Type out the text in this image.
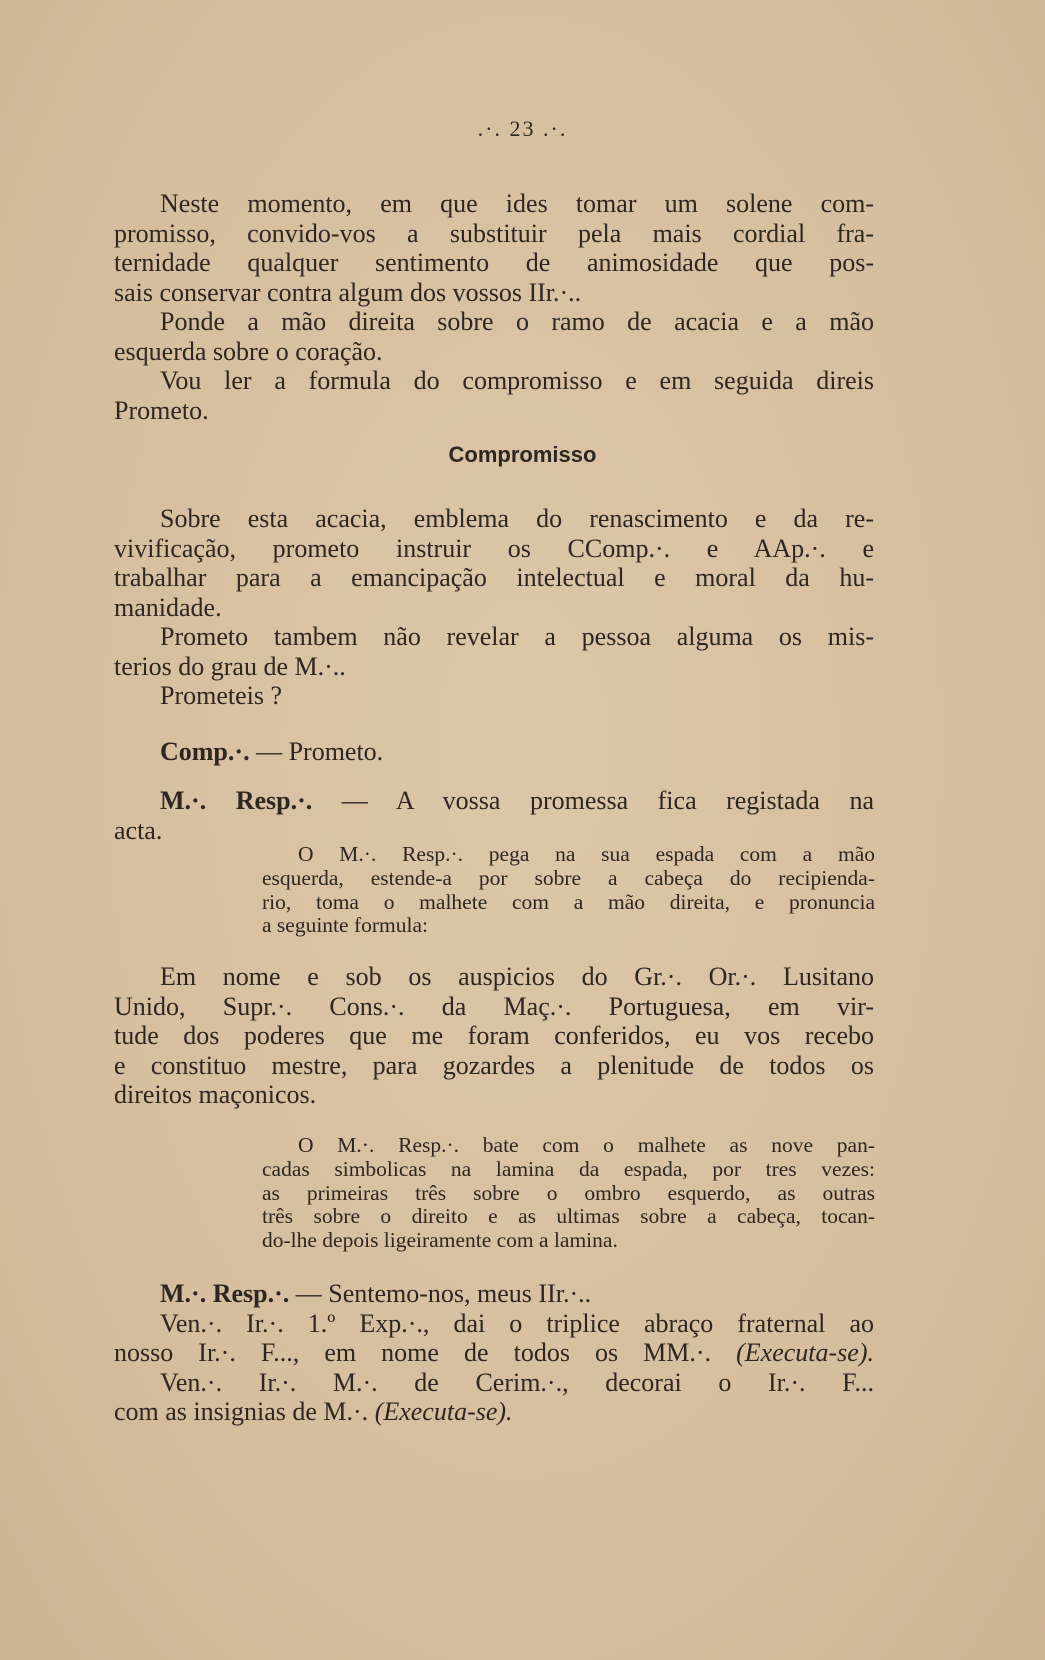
.·. 23 .·.
Compromisso
Neste momento, em que ides tomar um solene com-
promisso, convido-vos a substituir pela mais cordial fra-
ternidade qualquer sentimento de animosidade que pos-
sais conservar contra algum dos vossos IIr.·..
Ponde a mão direita sobre o ramo de acacia e a mão
esquerda sobre o coração.
Vou ler a formula do compromisso e em seguida direis
Prometo.
Sobre esta acacia, emblema do renascimento e da re-
vivificação, prometo instruir os CComp.·. e AAp.·. e
trabalhar para a emancipação intelectual e moral da hu-
manidade.
Prometo tambem não revelar a pessoa alguma os mis-
terios do grau de M.·..
Prometeis ?
Comp.·. — Prometo.
M.·. Resp.·. — A vossa promessa fica registada na
acta.
O M.·. Resp.·. pega na sua espada com a mão
esquerda, estende-a por sobre a cabeça do recipienda-
rio, toma o malhete com a mão direita, e pronuncia
a seguinte formula:
Em nome e sob os auspicios do Gr.·. Or.·. Lusitano
Unido, Supr.·. Cons.·. da Maç.·. Portuguesa, em vir-
tude dos poderes que me foram conferidos, eu vos recebo
e constituo mestre, para gozardes a plenitude de todos os
direitos maçonicos.
O M.·. Resp.·. bate com o malhete as nove pan-
cadas simbolicas na lamina da espada, por tres vezes:
as primeiras três sobre o ombro esquerdo, as outras
três sobre o direito e as ultimas sobre a cabeça, tocan-
do-lhe depois ligeiramente com a lamina.
M.·. Resp.·. — Sentemo-nos, meus IIr.·..
Ven.·. Ir.·. 1.º Exp.·., dai o triplice abraço fraternal ao
nosso Ir.·. F..., em nome de todos os MM.·. (Executa-se).
Ven.·. Ir.·. M.·. de Cerim.·., decorai o Ir.·. F...
com as insignias de M.·. (Executa-se).
